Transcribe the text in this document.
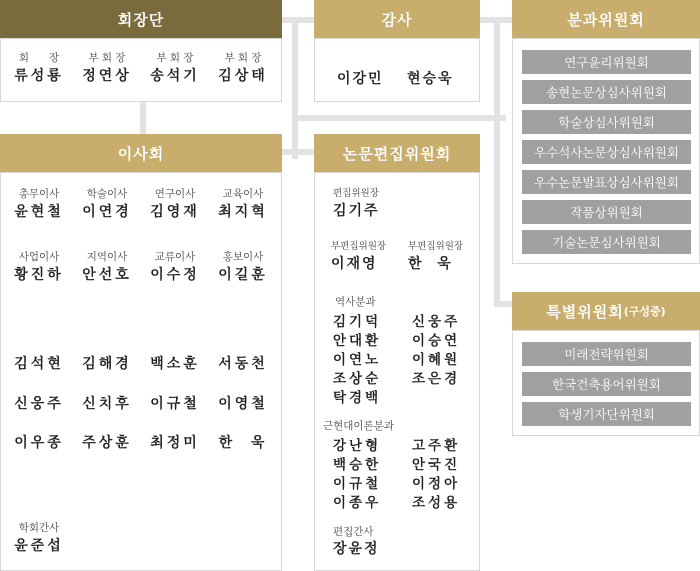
회장단
회      장
류성룡
부 회 장
정연상
부 회 장
송석기
부 회 장
김상태
감사
이강민 현승욱
분과위원회
연구윤리위원회
송현논문상심사위원회
학술상심사위원회
우수석사논문상심사위원회
우수논문발표상심사위원회
작품상위원회
기술논문심사위원회
특별위원회 (구성중)
미래전략위원회
한국건축용어위원회
학생기자단위원회
이사회
총무이사
윤현철
학술이사
이연경
연구이사
김영재
교육이사
최지혁
사업이사
황진하
지역이사
안선호
교류이사
이수정
홍보이사
이길훈
김석현	김해경	백소훈	서동천
신웅주	신치후	이규철	이영철
이우종	주상훈	최정미	한  욱
학회간사
윤준섭
논문편집위원회
편집위원장
김기주
부편집위원장
이재영
부편집위원장
한  욱
역사분과
김기덕
안대환
이연노
조상순
탁경백
신웅주
이승연
이혜원
조은경
근현대이론분과
강난형
백승한
이규철
이종우
고주환
안국진
이정아
조성용
편집간사
장윤정
